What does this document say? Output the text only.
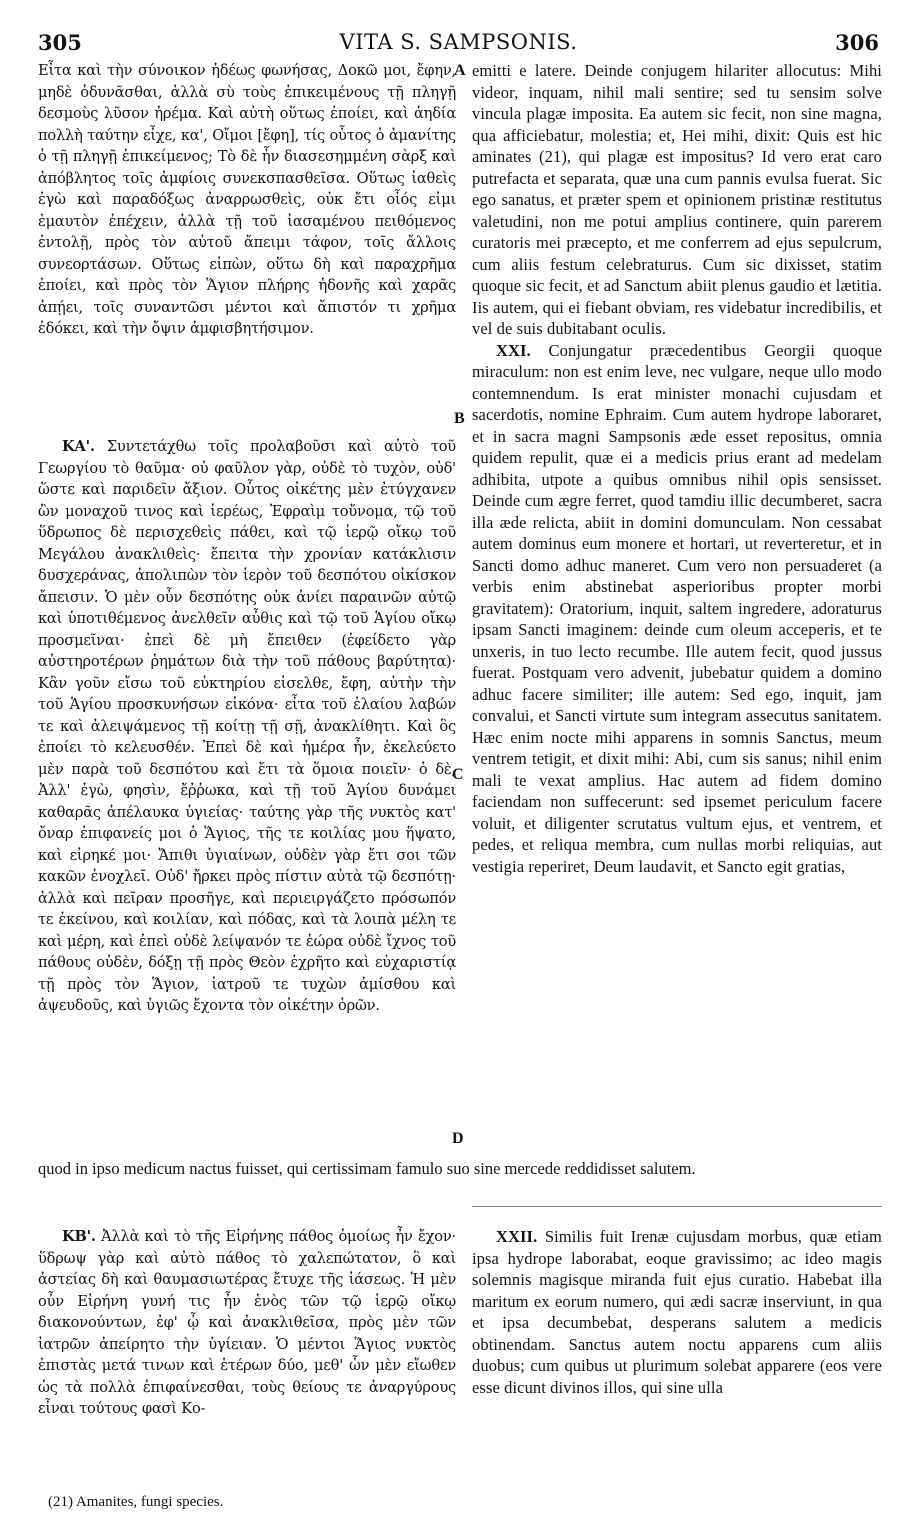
305	VITA S. SAMPSONIS.	306

Εἶτα καὶ τὴν σύνοικον ἡδέως φωνήσας, Δοκῶ μοι, ἔφην, μηδὲ ὀδυνᾶσθαι, ἀλλὰ σὺ τοὺς ἐπικειμένους τῇ πληγῇ δεσμοὺς λῦσον ἠρέμα. Καὶ αὐτὴ οὕτως ἐποίει, καὶ ἀηδία πολλὴ ταύτην εἶχε, κα', Οἴμοι [ἔφη], τίς οὗτος ὁ ἀμανίτης ὁ τῇ πληγῇ ἐπικείμενος; Τὸ δὲ ἦν διασεσημμένη σὰρξ καὶ ἀπόβλητος τοῖς ἀμφίοις συνεκσπασθεῖσα. Οὕτως ἰαθεὶς ἐγὼ καὶ παραδόξως ἀναρρωσθεὶς, οὐκ ἔτι οἷός εἰμι ἐμαυτὸν ἐπέχειν, ἀλλὰ τῇ τοῦ ἰασαμένου πειθόμενος ἐντολῇ, πρὸς τὸν αὐτοῦ ἄπειμι τάφον, τοῖς ἄλλοις συνεορτάσων. Οὕτως εἰπὼν, οὕτω δὴ καὶ παραχρῆμα ἐποίει, καὶ πρὸς τὸν Ἅγιον πλήρης ἡδονῆς καὶ χαρᾶς ἀπῄει, τοῖς συναντῶσι μέντοι καὶ ἄπιστόν τι χρῆμα ἐδόκει, καὶ τὴν ὄψιν ἀμφισβητήσιμον.

ΚΑ'. Συντετάχθω τοῖς προλαβοῦσι καὶ αὐτὸ τοῦ Γεωργίου τὸ θαῦμα· οὐ φαῦλον γὰρ, οὐδὲ τὸ τυχὸν, οὐδ' ὥστε καὶ παριδεῖν ἄξιον. Οὗτος οἰκέτης μὲν ἐτύγχανεν ὢν μοναχοῦ τινος καὶ ἱερέως, Ἐφραὶμ τοὔνομα, τῷ τοῦ ὕδρωπος δὲ περισχεθεὶς πάθει, καὶ τῷ ἱερῷ οἴκῳ τοῦ Μεγάλου ἀνακλιθεὶς· ἔπειτα τὴν χρονίαν κατάκλισιν δυσχεράνας, ἀπολιπὼν τὸν ἱερὸν τοῦ δεσπότου οἰκίσκον ἄπεισιν. Ὁ μὲν οὖν δεσπότης οὐκ ἀνίει παραινῶν αὐτῷ καὶ ὑποτιθέμενος ἀνελθεῖν αὖθις καὶ τῷ τοῦ Ἁγίου οἴκῳ προσμεῖναι· ἐπεὶ δὲ μὴ ἔπειθεν (ἐφείδετο γὰρ αὐστηροτέρων ῥημάτων διὰ τὴν τοῦ πάθους βαρύτητα)· Κἂν γοῦν εἴσω τοῦ εὐκτηρίου εἰσελθε, ἔφη, αὐτὴν τὴν τοῦ Ἁγίου προσκυνήσων εἰκόνα· εἶτα τοῦ ἐλαίου λαβών τε καὶ ἀλειψάμενος τῇ κοίτῃ τῇ σῇ, ἀνακλίθητι. Καὶ ὃς ἐποίει τὸ κελευσθέν. Ἐπεὶ δὲ καὶ ἡμέρα ἦν, ἐκελεύετο μὲν παρὰ τοῦ δεσπότου καὶ ἔτι τὰ ὅμοια ποιεῖν· ὁ δὲ, Ἀλλ' ἐγὼ, φησὶν, ἔῤῥωκα, καὶ τῇ τοῦ Ἁγίου δυνάμει καθαρᾶς ἀπέλαυκα ὑγιείας· ταύτης γὰρ τῆς νυκτὸς κατ' ὄναρ ἐπιφανείς μοι ὁ Ἅγιος, τῆς τε κοιλίας μου ἥψατο, καὶ εἰρηκέ μοι· Ἄπιθι ὑγιαίνων, οὐδὲν γὰρ ἔτι σοι τῶν κακῶν ἐνοχλεῖ. Οὐδ' ἤρκει πρὸς πίστιν αὐτὰ τῷ δεσπότῃ· ἀλλὰ καὶ πεῖραν προσῆγε, καὶ περιειργάζετο πρόσωπόν τε ἐκείνου, καὶ κοιλίαν, καὶ πόδας, καὶ τὰ λοιπὰ μέλη τε καὶ μέρη, καὶ ἐπεὶ οὐδὲ λείψανόν τε ἑώρα οὐδὲ ἴχνος τοῦ πάθους οὐδὲν, δόξῃ τῇ πρὸς Θεὸν ἐχρῆτο καὶ εὐχαριστίᾳ τῇ πρὸς τὸν Ἅγιον, ἰατροῦ τε τυχὼν ἀμίσθου καὶ ἀψευδοῦς, καὶ ὑγιῶς ἔχοντα τὸν οἰκέτην ὁρῶν.

emitti e latere. Deinde conjugem hilariter allocutus: Mihi videor, inquam, nihil mali sentire; sed tu sensim solve vincula plagæ imposita. Ea autem sic fecit, non sine magna, qua afficiebatur, molestia; et, Hei mihi, dixit: Quis est hic aminates (21), qui plagæ est impositus? Id vero erat caro putrefacta et separata, quæ una cum pannis evulsa fuerat. Sic ego sanatus, et præter spem et opinionem pristinæ restitutus valetudini, non me potui amplius continere, quin parerem curatoris mei præcepto, et me conferrem ad ejus sepulcrum, cum aliis festum celebraturus. Cum sic dixisset, statim quoque sic fecit, et ad Sanctum abiit plenus gaudio et lætitia. Iis autem, qui ei fiebant obviam, res videbatur incredibilis, et vel de suis dubitabant oculis.

XXI. Conjungatur præcedentibus Georgii quoque miraculum: non est enim leve, nec vulgare, neque ullo modo contemnendum. Is erat minister monachi cujusdam et sacerdotis, nomine Ephraim. Cum autem hydrope laboraret, et in sacra magni Sampsonis æde esset repositus, omnia quidem repulit, quæ ei a medicis prius erant ad medelam adhibita, utpote a quibus omnibus nihil opis sensisset. Deinde cum ægre ferret, quod tamdiu illic decumberet, sacra illa æde relicta, abiit in domini domunculam. Non cessabat autem dominus eum monere et hortari, ut reverteretur, et in Sancti domo adhuc maneret. Cum vero non persuaderet (a verbis enim abstinebat asperioribus propter morbi gravitatem): Oratorium, inquit, saltem ingredere, adoraturus ipsam Sancti imaginem: deinde cum oleum acceperis, et te unxeris, in tuo lecto recumbe. Ille autem fecit, quod jussus fuerat. Postquam vero advenit, jubebatur quidem a domino adhuc facere similiter; ille autem: Sed ego, inquit, jam convalui, et Sancti virtute sum integram assecutus sanitatem. Hæc enim nocte mihi apparens in somnis Sanctus, meum ventrem tetigit, et dixit mihi: Abi, cum sis sanus; nihil enim mali te vexat amplius. Hac autem ad fidem domino faciendam non suffecerunt: sed ipsemet periculum facere voluit, et diligenter scrutatus vultum ejus, et ventrem, et pedes, et reliqua membra, cum nullas morbi reliquias, aut vestigia reperiret, Deum laudavit, et Sancto egit gratias,

A
B
C
D
quod in ipso medicum nactus fuisset, qui certissimam famulo suo sine mercede reddidisset salutem.

ΚΒ'. Ἀλλὰ καὶ τὸ τῆς Εἰρήνης πάθος ὁμοίως ἦν ἔχον· ὕδρωψ γὰρ καὶ αὐτὸ πάθος τὸ χαλεπώτατον, ὃ καὶ ἀστείας δὴ καὶ θαυμασιωτέρας ἔτυχε τῆς ἰάσεως. Ἡ μὲν οὖν Εἰρήνη γυνή τις ἦν ἑνὸς τῶν τῷ ἱερῷ οἴκῳ διακονούντων, ἐφ' ᾧ καὶ ἀνακλιθεῖσα, πρὸς μὲν τῶν ἰατρῶν ἀπείρητο τὴν ὑγίειαν. Ὁ μέντοι Ἅγιος νυκτὸς ἐπιστὰς μετά τινων καὶ ἑτέρων δύο, μεθ' ὧν μὲν εἴωθεν ὡς τὰ πολλὰ ἐπιφαίνεσθαι, τοὺς θείους τε ἀναργύρους εἶναι τούτους φασὶ Κο-

XXII. Similis fuit Irenæ cujusdam morbus, quæ etiam ipsa hydrope laborabat, eoque gravissimo; ac ideo magis solemnis magisque miranda fuit ejus curatio. Habebat illa maritum ex eorum numero, qui ædi sacræ inserviunt, in qua et ipsa decumbebat, desperans salutem a medicis obtinendam. Sanctus autem noctu apparens cum aliis duobus; cum quibus ut plurimum solebat apparere (eos vere esse dicunt divinos illos, qui sine ulla

(21) Amanites, fungi species.
